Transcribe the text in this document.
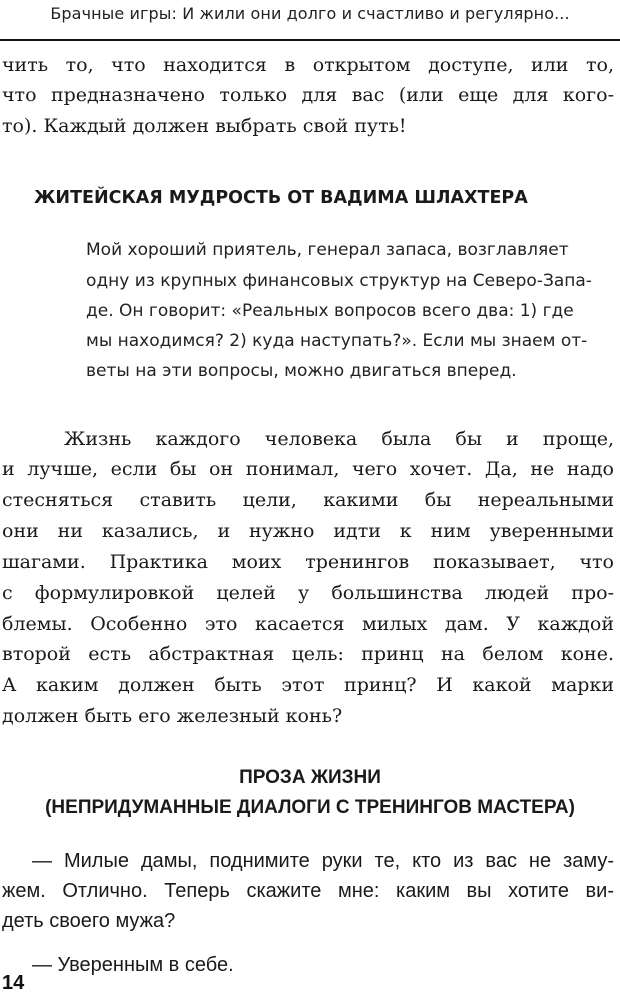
Брачные игры: И жили они долго и счастливо и регулярно...
чить то, что находится в открытом доступе, или то,
что предназначено только для вас (или еще для кого-
то). Каждый должен выбрать свой путь!
ЖИТЕЙСКАЯ МУДРОСТЬ ОТ ВАДИМА ШЛАХТЕРА
Мой хороший приятель, генерал запаса, возглавляет
одну из крупных финансовых структур на Северо-Запа-
де. Он говорит: «Реальных вопросов всего два: 1) где
мы находимся? 2) куда наступать?». Если мы знаем от-
веты на эти вопросы, можно двигаться вперед.
Жизнь каждого человека была бы и проще,
и лучше, если бы он понимал, чего хочет. Да, не надо
стесняться ставить цели, какими бы нереальными
они ни казались, и нужно идти к ним уверенными
шагами. Практика моих тренингов показывает, что
с формулировкой целей у большинства людей про-
блемы. Особенно это касается милых дам. У каждой
второй есть абстрактная цель: принц на белом коне.
А каким должен быть этот принц? И какой марки
должен быть его железный конь?
ПРОЗА ЖИЗНИ
(НЕПРИДУМАННЫЕ ДИАЛОГИ С ТРЕНИНГОВ МАСТЕРА)
— Милые дамы, поднимите руки те, кто из вас не заму-
жем. Отлично. Теперь скажите мне: каким вы хотите ви-
деть своего мужа?
— Уверенным в себе.
14
